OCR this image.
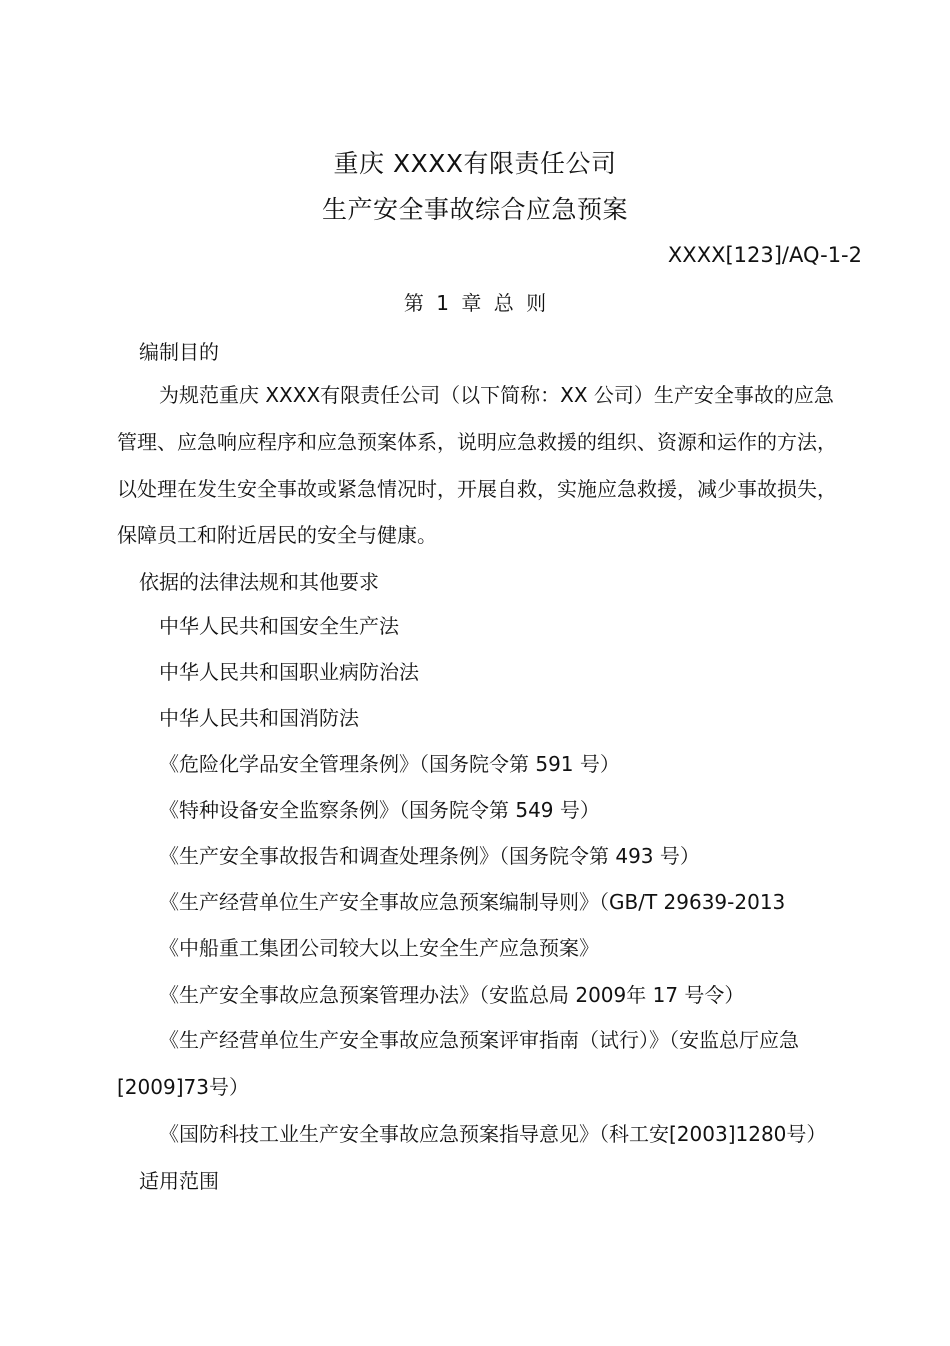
重庆 XXXX有限责任公司
生产安全事故综合应急预案
XXXX[123]/AQ-1-2
第 1 章 总 则
编制目的
为规范重庆 XXXX有限责任公司（以下简称：XX 公司）生产安全事故的应急
管理、应急响应程序和应急预案体系，说明应急救援的组织、资源和运作的方法，
以处理在发生安全事故或紧急情况时，开展自救，实施应急救援，减少事故损失，
保障员工和附近居民的安全与健康。
依据的法律法规和其他要求
中华人民共和国安全生产法
中华人民共和国职业病防治法
中华人民共和国消防法
《危险化学品安全管理条例》（国务院令第 591 号）
《特种设备安全监察条例》（国务院令第 549 号）
《生产安全事故报告和调查处理条例》（国务院令第 493 号）
《生产经营单位生产安全事故应急预案编制导则》（GB/T 29639-2013
《中船重工集团公司较大以上安全生产应急预案》
《生产安全事故应急预案管理办法》（安监总局 2009年 17 号令）
《生产经营单位生产安全事故应急预案评审指南（试行）》（安监总厅应急
[2009]73号）
《国防科技工业生产安全事故应急预案指导意见》（科工安[2003]1280号）
适用范围
